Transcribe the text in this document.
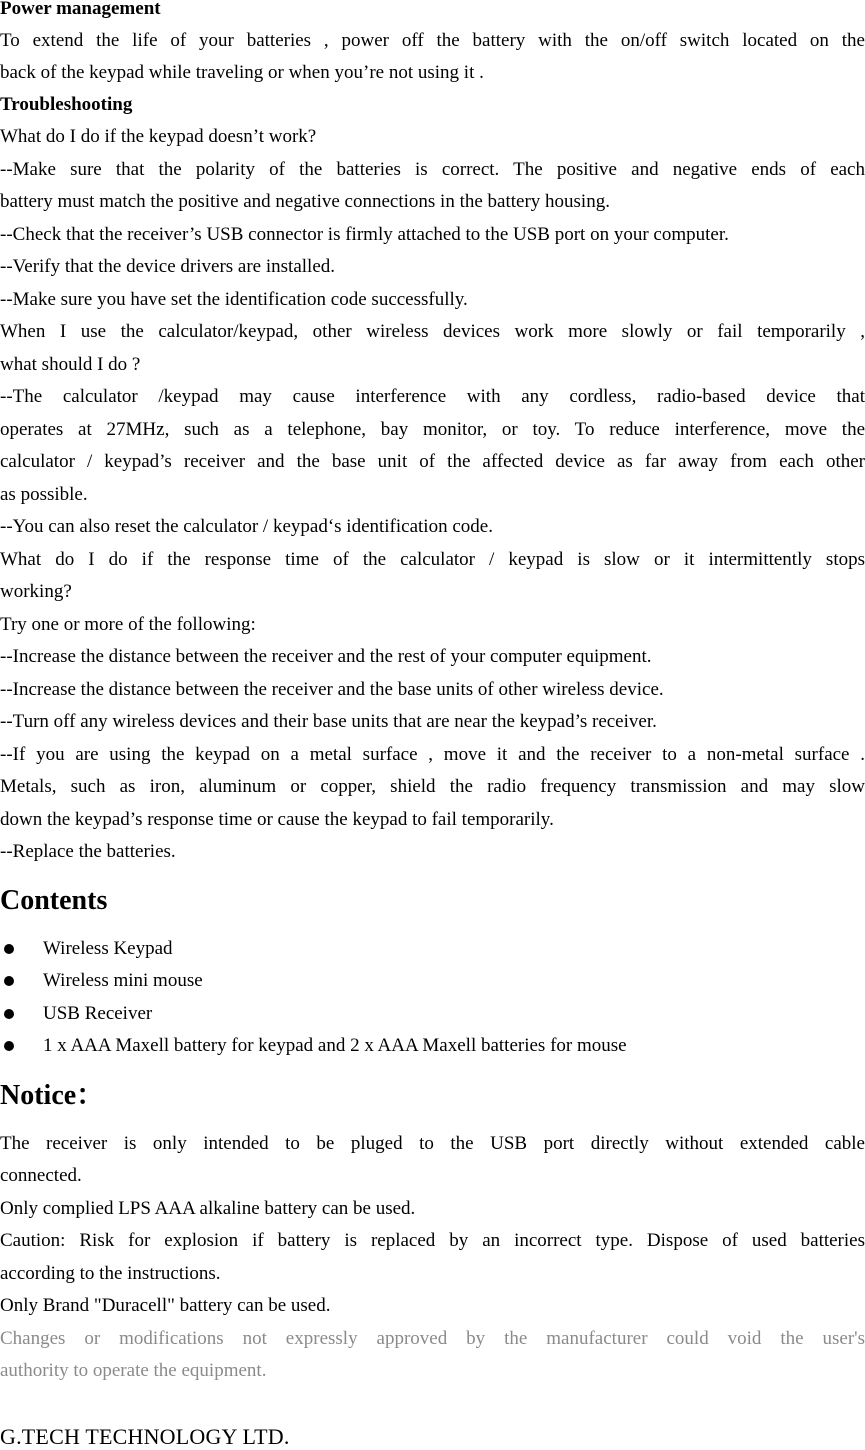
Power management
To extend the life of your batteries , power off the battery with the on/off switch located on the
back of the keypad while traveling or when you’re not using it .
Troubleshooting
What do I do if the keypad doesn’t work?
--Make sure that the polarity of the batteries is correct. The positive and negative ends of each
battery must match the positive and negative connections in the battery housing.
--Check that the receiver’s USB connector is firmly attached to the USB port on your computer.
--Verify that the device drivers are installed.
--Make sure you have set the identification code successfully.
When I use the calculator/keypad, other wireless devices work more slowly or fail temporarily ,
what should I do ?
--The calculator /keypad may cause interference with any cordless, radio-based device that
operates at 27MHz, such as a telephone, bay monitor, or toy. To reduce interference, move the
calculator / keypad’s receiver and the base unit of the affected device as far away from each other
as possible.
--You can also reset the calculator / keypad‘s identification code.
What do I do if the response time of the calculator / keypad is slow or it intermittently stops
working?
Try one or more of the following:
--Increase the distance between the receiver and the rest of your computer equipment.
--Increase the distance between the receiver and the base units of other wireless device.
--Turn off any wireless devices and their base units that are near the keypad’s receiver.
--If you are using the keypad on a metal surface , move it and the receiver to a non-metal surface .
Metals, such as iron, aluminum or copper, shield the radio frequency transmission and may slow
down the keypad’s response time or cause the keypad to fail temporarily.
--Replace the batteries.
Contents
Wireless Keypad
Wireless mini mouse
USB Receiver
1 x AAA Maxell battery for keypad and 2 x AAA Maxell batteries for mouse
Notice：
The receiver is only intended to be pluged to the USB port directly without extended cable
connected.
Only complied LPS AAA alkaline battery can be used.
Caution: Risk for explosion if battery is replaced by an incorrect type. Dispose of used batteries
according to the instructions.
Only Brand "Duracell" battery can be used.
Changes or modifications not expressly approved by the manufacturer could void the user's
authority to operate the equipment.
G.TECH TECHNOLOGY LTD.
